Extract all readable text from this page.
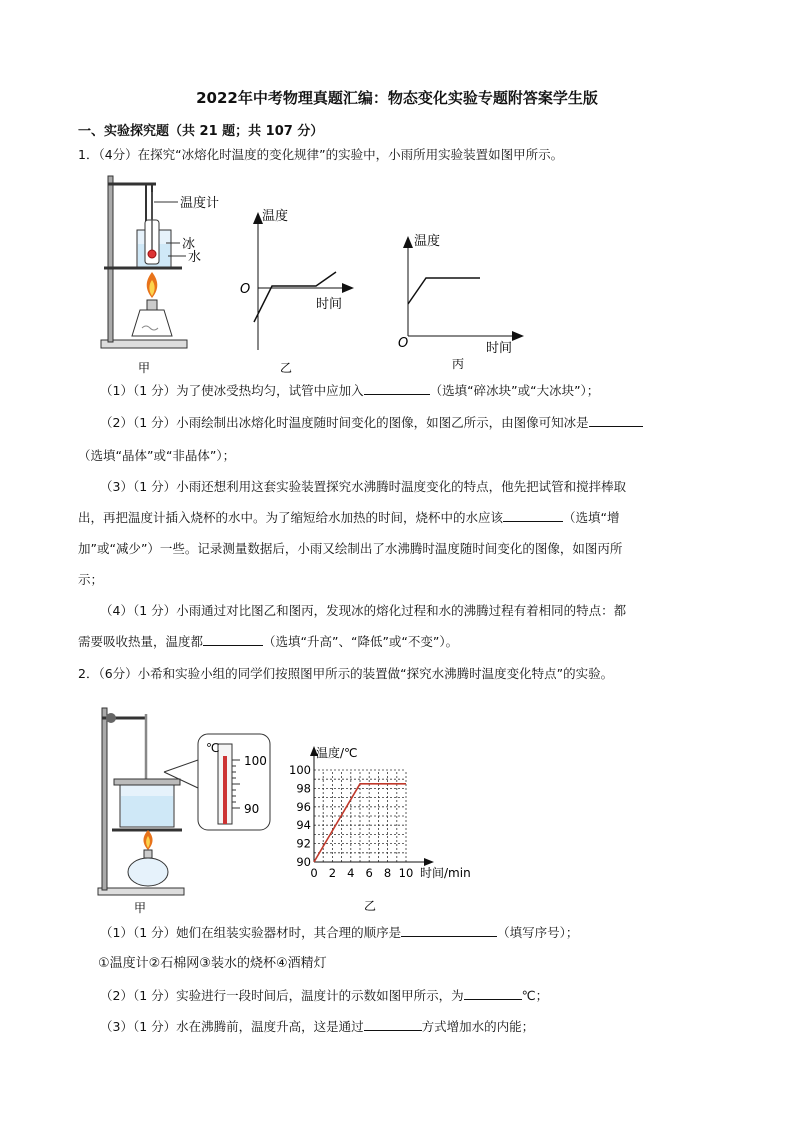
2022年中考物理真题汇编：物态变化实验专题附答案学生版
一、实验探究题（共 21 题；共 107 分）
1．（4分）在探究“冰熔化时温度的变化规律”的实验中，小雨所用实验装置如图甲所示。
温度计
冰
水
甲
温度
O
时间
乙
温度
O	时间
丙
（1）（1 分）为了使冰受热均匀，试管中应加入	（选填“碎冰块”或“大冰块”）；
（2）（1 分）小雨绘制出冰熔化时温度随时间变化的图像，如图乙所示，由图像可知冰是
（选填“晶体”或“非晶体”）；
（3）（1 分）小雨还想利用这套实验装置探究水沸腾时温度变化的特点，他先把试管和搅拌棒取
出，再把温度计插入烧杯的水中。为了缩短给水加热的时间，烧杯中的水应该	（选填“增
加”或“减少”）一些。记录测量数据后，小雨又绘制出了水沸腾时温度随时间变化的图像，如图丙所
示；
（4）（1 分）小雨通过对比图乙和图丙，发现冰的熔化过程和水的沸腾过程有着相同的特点：都
需要吸收热量，温度都	（选填“升高”、“降低”或“不变”）。
2．（6分）小希和实验小组的同学们按照图甲所示的装置做“探究水沸腾时温度变化特点”的实验。
℃
100
90
甲
90
92
94
96
98
100
0 2 4 6 8 10
温度/℃
时间/min
乙
（1）（1 分）她们在组装实验器材时，其合理的顺序是	（填写序号）；
①温度计②石棉网③装水的烧杯④酒精灯
（2）（1 分）实验进行一段时间后，温度计的示数如图甲所示，为	℃；
（3）（1 分）水在沸腾前，温度升高，这是通过	方式增加水的内能；
